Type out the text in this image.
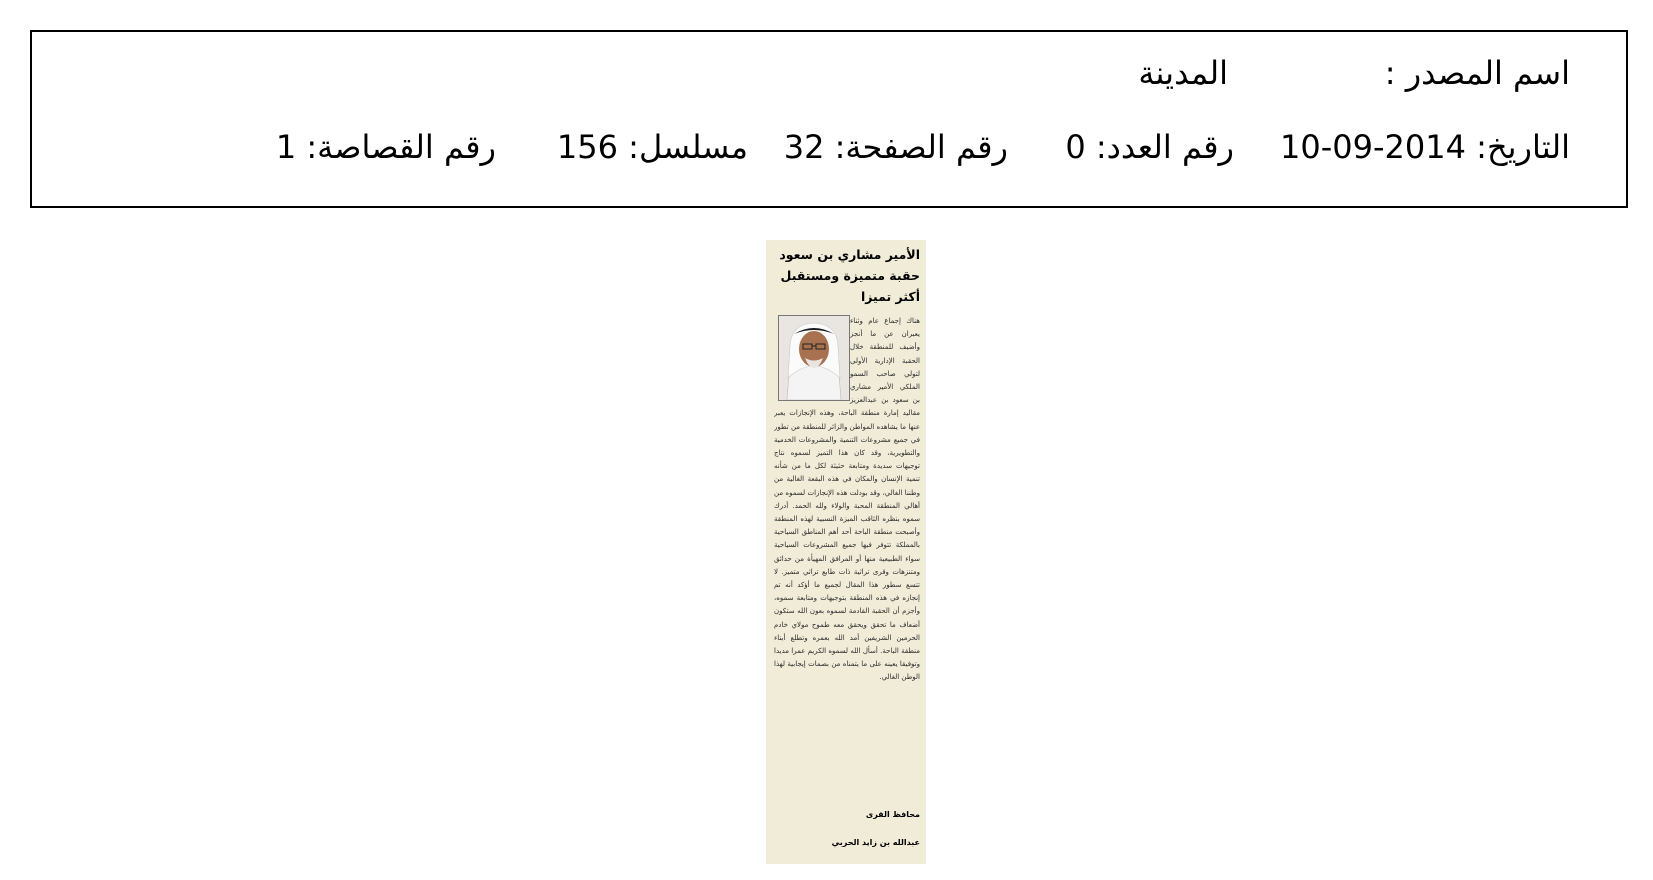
اسم المصدر :
المدينة
التاريخ: 2014-09-10
رقم العدد: 0
رقم الصفحة: 32
مسلسل: 156
رقم القصاصة: 1
الأمير مشاري بن سعود
حقبة متميزة ومستقبل
أكثر تميزا
هناك إجماع عام وثناء يعبران عن ما أنجز وأضيف للمنطقة خلال الحقبة الإدارية الأولى لتولي صاحب السمو الملكي الأمير مشاري بن سعود بن عبدالعزيز مقاليد إمارة منطقة الباحة، وهذه الإنجازات يعبر عنها ما يشاهده المواطن والزائر للمنطقة من تطور في جميع مشروعات التنمية والمشروعات الخدمية والتطويرية، وقد كان هذا التميز لسموه نتاج توجيهات سديدة ومتابعة حثيثة لكل ما من شأنه تنمية الإنسان والمكان في هذه البقعة الغالية من وطننا الغالي، وقد بودلت هذه الإنجازات لسموه من أهالي المنطقة المحبة والولاء ولله الحمد. أدرك سموه بنظره الثاقب الميزة النسبية لهذه المنطقة وأصبحت منطقة الباحة أحد أهم المناطق السياحية بالمملكة تتوفر فيها جميع المشروعات السياحية سواء الطبيعية منها أو المرافق المهيأة من حدائق ومتنزهات وقرى تراثية ذات طابع تراثي متميز. لا تتسع سطور هذا المقال لجميع ما أؤكد أنه تم إنجازه في هذه المنطقة بتوجيهات ومتابعة سموه، وأجزم أن الحقبة القادمة لسموه بعون الله ستكون أضعاف ما تحقق ويحقق معه طموح مولاي خادم الحرمين الشريفين أمد الله بعمره وتطلع أبناء منطقة الباحة. أسأل الله لسموه الكريم عمرا مديدا وتوفيقا يعينه على ما يتمناه من بصمات إيجابية لهذا الوطن الغالي.
محافظ القرى
عبدالله بن زايد الحربي
